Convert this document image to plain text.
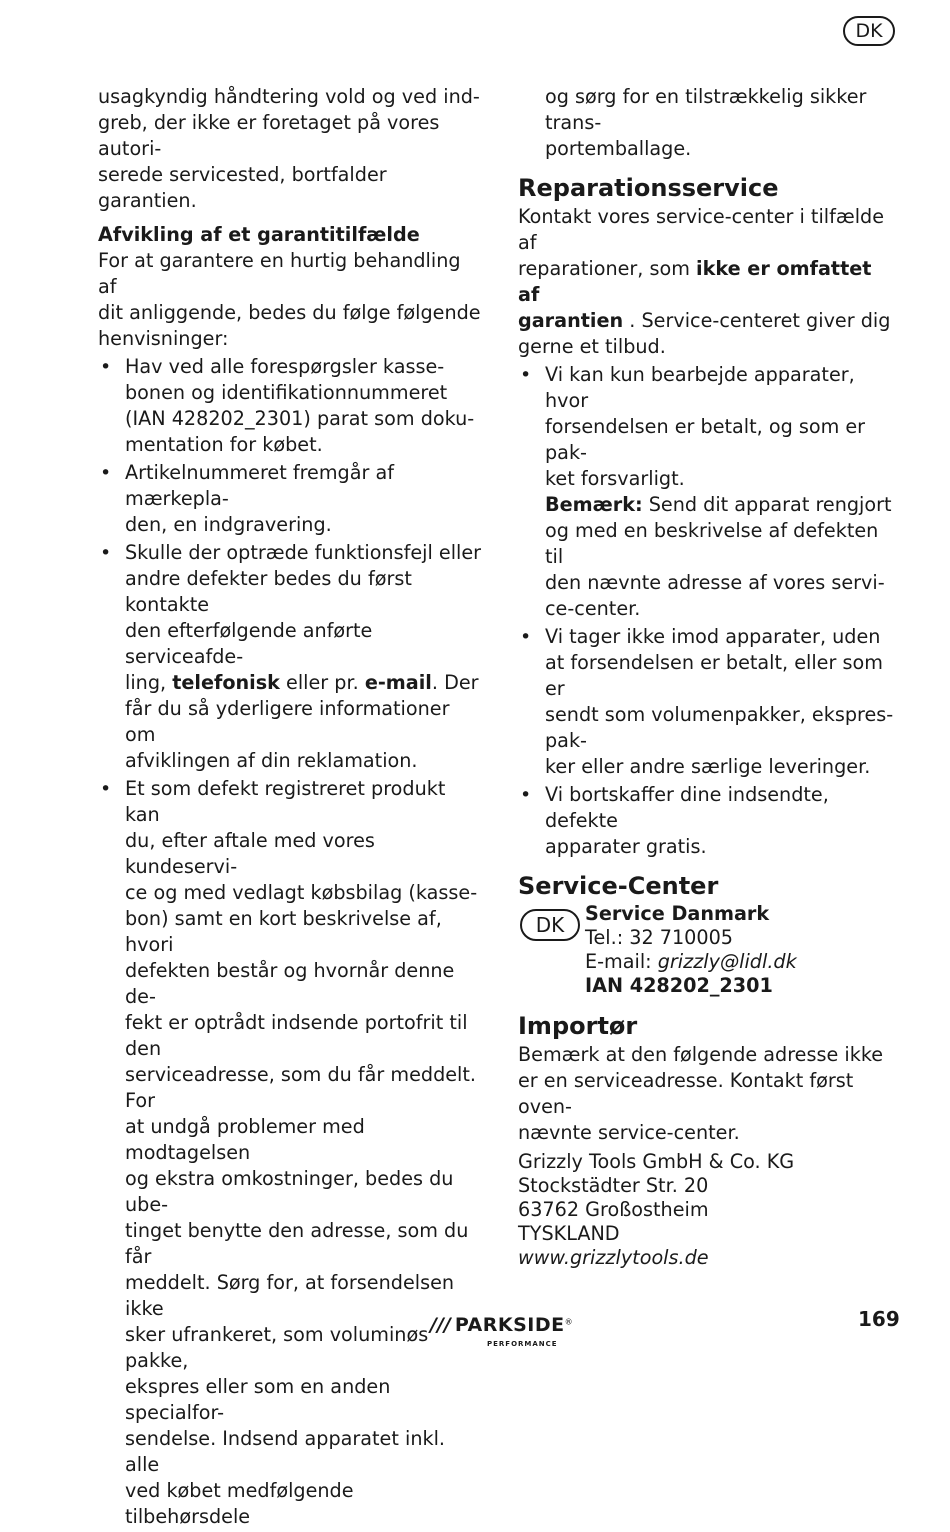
DK
usagkyndig håndtering vold og ved ind-
greb, der ikke er foretaget på vores autori-
serede servicested, bortfalder garantien.
Afvikling af et garantitilfælde
For at garantere en hurtig behandling af
dit anliggende, bedes du følge følgende
henvisninger:
• Hav ved alle forespørgsler kasse-
bonen og identifikationnummeret
(IAN 428202_2301) parat som doku-
mentation for købet.
• Artikelnummeret fremgår af mærkepla-
den, en indgravering.
• Skulle der optræde funktionsfejl eller
andre defekter bedes du først kontakte
den efterfølgende anførte serviceafde-
ling, telefonisk eller pr. e-mail. Der
får du så yderligere informationer om
afviklingen af din reklamation.
• Et som defekt registreret produkt kan
du, efter aftale med vores kundeservi-
ce og med vedlagt købsbilag (kasse-
bon) samt en kort beskrivelse af, hvori
defekten består og hvornår denne de-
fekt er optrådt indsende portofrit til den
serviceadresse, som du får meddelt. For
at undgå problemer med modtagelsen
og ekstra omkostninger, bedes du ube-
tinget benytte den adresse, som du får
meddelt. Sørg for, at forsendelsen ikke
sker ufrankeret, som voluminøs pakke,
ekspres eller som en anden specialfor-
sendelse. Indsend apparatet inkl. alle
ved købet medfølgende tilbehørsdele
og sørg for en tilstrækkelig sikker trans-
portemballage.
Reparationsservice
Kontakt vores service-center i tilfælde af
reparationer, som ikke er omfattet af
garantien . Service-centeret giver dig
gerne et tilbud.
• Vi kan kun bearbejde apparater, hvor
forsendelsen er betalt, og som er pak-
ket forsvarligt.
Bemærk: Send dit apparat rengjort
og med en beskrivelse af defekten til
den nævnte adresse af vores servi-
ce-center.
• Vi tager ikke imod apparater, uden
at forsendelsen er betalt, eller som er
sendt som volumenpakker, ekspres-pak-
ker eller andre særlige leveringer.
• Vi bortskaffer dine indsendte, defekte
apparater gratis.
Service-Center
DK	Service Danmark
Tel.: 32 710005
E-mail: grizzly@lidl.dk
IAN 428202_2301
Importør
Bemærk at den følgende adresse ikke
er en serviceadresse. Kontakt først oven-
nævnte service-center.
Grizzly Tools GmbH & Co. KG
Stockstädter Str. 20
63762 Großostheim
TYSKLAND
www.grizzlytools.de
/// PARKSIDE®
PERFORMANCE
169
